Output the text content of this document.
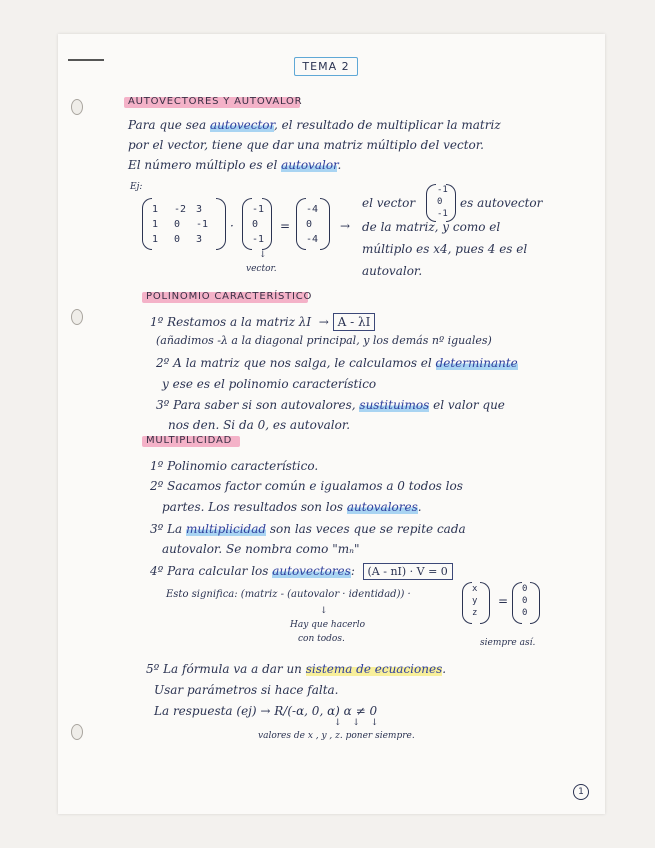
TEMA 2
AUTOVECTORES Y AUTOVALOR
Para que sea autovector, el resultado de multiplicar la matriz
por el vector, tiene que dar una matriz múltiplo del vector.
El número múltiplo es el autovalor.
Ej:
1 -2 3
1 0 -1
1 0 3
·
-1
0
-1
=
-4
0
-4
→
↓
vector.
el vector
-1
0
-1
es autovector
de la matriz, y como el
múltiplo es x4, pues 4 es el
autovalor.
POLINOMIO CARACTERÍSTICO
1º Restamos a la matriz λI → A - λI
(añadimos -λ a la diagonal principal, y los demás nº iguales)
2º A la matriz que nos salga, le calculamos el determinante
y ese es el polinomio característico
3º Para saber si son autovalores, sustituimos el valor que
nos den. Si da 0, es autovalor.
MULTIPLICIDAD
1º Polinomio característico.
2º Sacamos factor común e igualamos a 0 todos los
partes. Los resultados son los autovalores.
3º La multiplicidad son las veces que se repite cada
autovalor. Se nombra como "mₙ"
4º Para calcular los autovectores: (A - nI) · V = 0
Esto significa: (matriz - (autovalor · identidad)) ·	x
y
z
=
0
0
0
↓
Hay que hacerlo
con todos.	siempre así.
5º La fórmula va a dar un sistema de ecuaciones.
Usar parámetros si hace falta.
La respuesta (ej) → R/(-α, 0, α) α ≠ 0
↓ ↓ ↓
valores de x , y , z. poner siempre.
1
